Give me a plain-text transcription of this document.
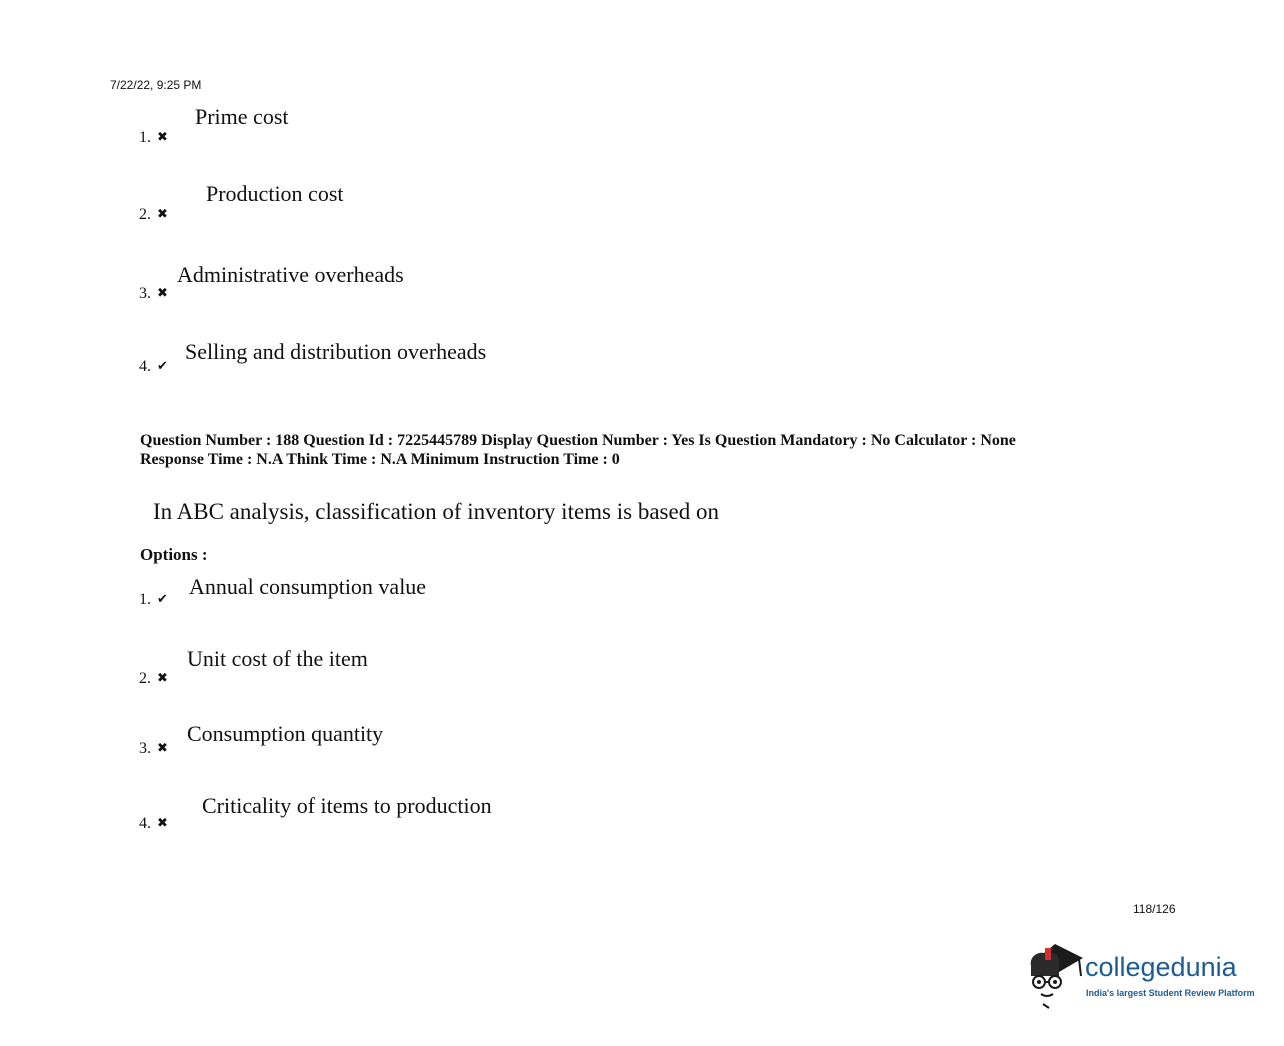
7/22/22, 9:25 PM
1. ✖
Prime cost
2. ✖
Production cost
3. ✖
Administrative overheads
4. ✔
Selling and distribution overheads
Question Number : 188 Question Id : 7225445789 Display Question Number : Yes Is Question Mandatory : No Calculator : None
Response Time : N.A Think Time : N.A Minimum Instruction Time : 0
In ABC analysis, classification of inventory items is based on
Options :
1. ✔ Annual consumption value
2. ✖
Unit cost of the item
3. ✖
Consumption quantity
4. ✖
Criticality of items to production
118/126
collegedunia
India's largest Student Review Platform
